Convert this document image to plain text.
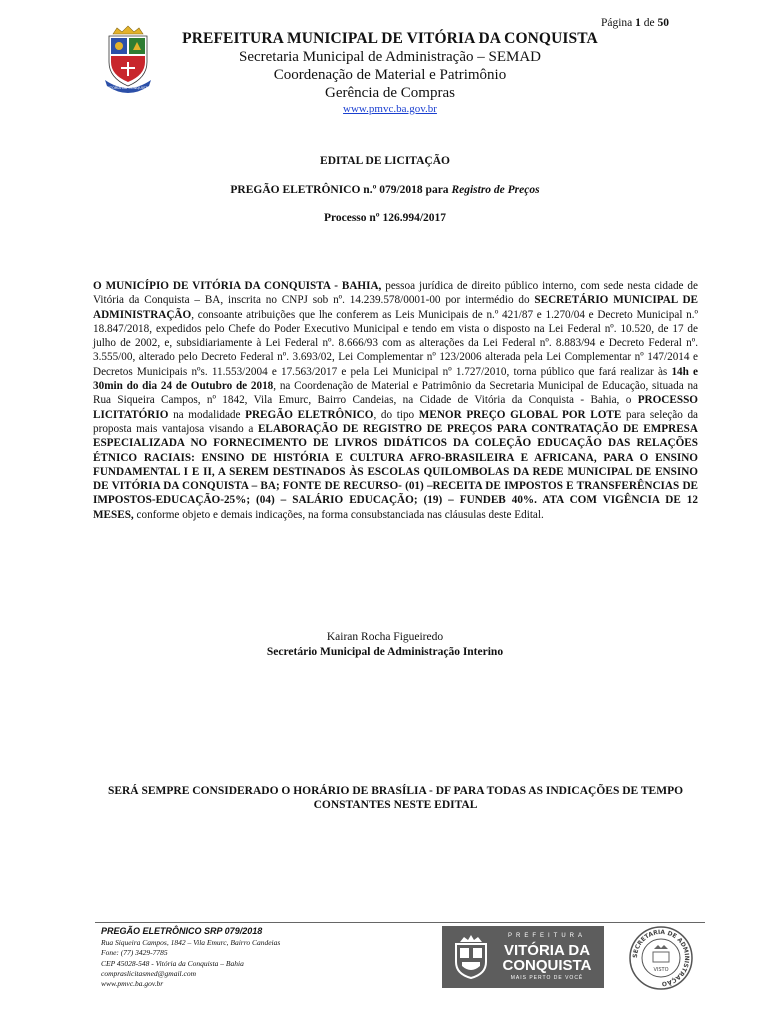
Página 1 de 50
VITÓRIA DA CONQUISTA
PREFEITURA MUNICIPAL DE VITÓRIA DA CONQUISTA
Secretaria Municipal de Administração – SEMAD
Coordenação de Material e Patrimônio
Gerência de Compras
www.pmvc.ba.gov.br
EDITAL DE LICITAÇÃO
PREGÃO ELETRÔNICO n.º 079/2018 para Registro de Preços
Processo nº 126.994/2017
O MUNICÍPIO DE VITÓRIA DA CONQUISTA - BAHIA, pessoa jurídica de direito público interno, com sede nesta cidade de Vitória da Conquista – BA, inscrita no CNPJ sob nº. 14.239.578/0001-00 por intermédio do SECRETÁRIO MUNICIPAL DE ADMINISTRAÇÃO, consoante atribuições que lhe conferem as Leis Municipais de n.º 421/87 e 1.270/04 e Decreto Municipal n.º 18.847/2018, expedidos pelo Chefe do Poder Executivo Municipal e tendo em vista o disposto na Lei Federal nº. 10.520, de 17 de julho de 2002, e, subsidiariamente à Lei Federal nº. 8.666/93 com as alterações da Lei Federal nº. 8.883/94 e Decreto Federal nº. 3.555/00, alterado pelo Decreto Federal nº. 3.693/02, Lei Complementar nº 123/2006 alterada pela Lei Complementar nº 147/2014 e Decretos Municipais nºs. 11.553/2004 e 17.563/2017 e pela Lei Municipal nº 1.727/2010, torna público que fará realizar às 14h e 30min do dia 24 de Outubro de 2018, na Coordenação de Material e Patrimônio da Secretaria Municipal de Educação, situada na Rua Siqueira Campos, nº 1842, Vila Emurc, Bairro Candeias, na Cidade de Vitória da Conquista - Bahia, o PROCESSO LICITATÓRIO na modalidade PREGÃO ELETRÔNICO, do tipo MENOR PREÇO GLOBAL POR LOTE para seleção da proposta mais vantajosa visando a ELABORAÇÃO DE REGISTRO DE PREÇOS PARA CONTRATAÇÃO DE EMPRESA ESPECIALIZADA NO FORNECIMENTO DE LIVROS DIDÁTICOS DA COLEÇÃO EDUCAÇÃO DAS RELAÇÕES ÉTNICO RACIAIS: ENSINO DE HISTÓRIA E CULTURA AFRO-BRASILEIRA E AFRICANA, PARA O ENSINO FUNDAMENTAL I E II, A SEREM DESTINADOS ÀS ESCOLAS QUILOMBOLAS DA REDE MUNICIPAL DE ENSINO DE VITÓRIA DA CONQUISTA – BA; FONTE DE RECURSO- (01) –RECEITA DE IMPOSTOS E TRANSFERÊNCIAS DE IMPOSTOS-EDUCAÇÃO-25%; (04) – SALÁRIO EDUCAÇÃO; (19) – FUNDEB 40%. ATA COM VIGÊNCIA DE 12 MESES, conforme objeto e demais indicações, na forma consubstanciada nas cláusulas deste Edital.
Kairan Rocha Figueiredo
Secretário Municipal de Administração Interino
SERÁ SEMPRE CONSIDERADO O HORÁRIO DE BRASÍLIA - DF PARA TODAS AS INDICAÇÕES DE TEMPO CONSTANTES NESTE EDITAL
PREGÃO ELETRÔNICO SRP 079/2018
Rua Siqueira Campos, 1842 – Vila Emurc, Bairro Candeias
Fone: (77) 3429-7785
CEP 45028-548 - Vitória da Conquista – Bahia
compraslicitasmed@gmail.com
www.pmvc.ba.gov.br
PREFEITURA
VITÓRIA DA
CONQUISTA
MAIS PERTO DE VOCÊ
SECRETARIA DE ADMINISTRAÇÃO
VISTO
